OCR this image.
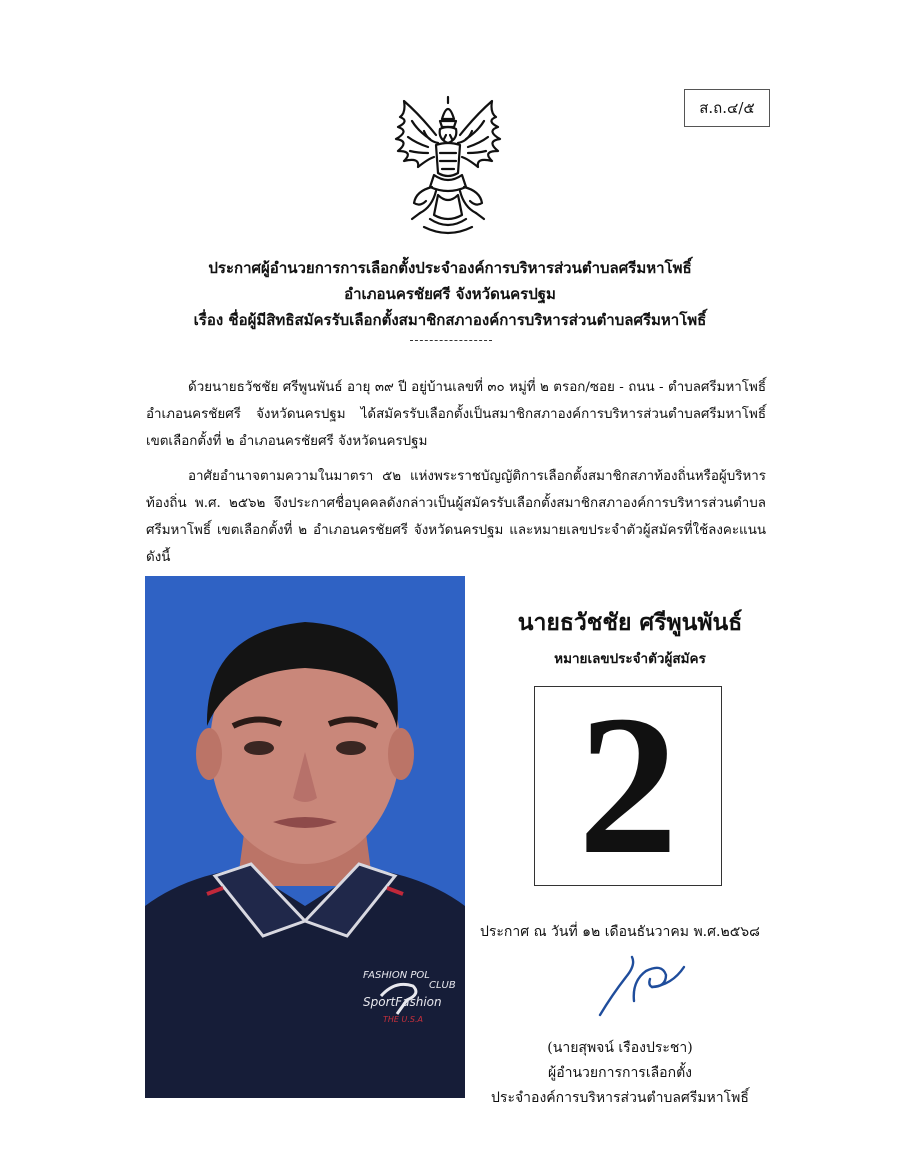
ส.ถ.๔/๕
ประกาศผู้อำนวยการการเลือกตั้งประจำองค์การบริหารส่วนตำบลศรีมหาโพธิ์
อำเภอนครชัยศรี จังหวัดนครปฐม
เรื่อง ชื่อผู้มีสิทธิสมัครรับเลือกตั้งสมาชิกสภาองค์การบริหารส่วนตำบลศรีมหาโพธิ์
ด้วยนายธวัชชัย ศรีพูนพันธ์ อายุ ๓๙ ปี อยู่บ้านเลขที่ ๓๐ หมู่ที่ ๒ ตรอก/ซอย - ถนน - ตำบลศรีมหาโพธิ์ อำเภอนครชัยศรี จังหวัดนครปฐม ได้สมัครรับเลือกตั้งเป็นสมาชิกสภาองค์การบริหารส่วนตำบลศรีมหาโพธิ์ เขตเลือกตั้งที่ ๒ อำเภอนครชัยศรี จังหวัดนครปฐม
อาศัยอำนาจตามความในมาตรา ๕๒ แห่งพระราชบัญญัติการเลือกตั้งสมาชิกสภาท้องถิ่นหรือผู้บริหารท้องถิ่น พ.ศ. ๒๕๖๒ จึงประกาศชื่อบุคคลดังกล่าวเป็นผู้สมัครรับเลือกตั้งสมาชิกสภาองค์การบริหารส่วนตำบลศรีมหาโพธิ์ เขตเลือกตั้งที่ ๒ อำเภอนครชัยศรี จังหวัดนครปฐม และหมายเลขประจำตัวผู้สมัครที่ใช้ลงคะแนนดังนี้
FASHION POL
CLUB
SportFashion
THE U.S.A
นายธวัชชัย ศรีพูนพันธ์
หมายเลขประจำตัวผู้สมัคร
2
ประกาศ ณ วันที่ ๑๒ เดือนธันวาคม พ.ศ.๒๕๖๘
(นายสุพจน์ เรืองประชา)
ผู้อำนวยการการเลือกตั้ง
ประจำองค์การบริหารส่วนตำบลศรีมหาโพธิ์
